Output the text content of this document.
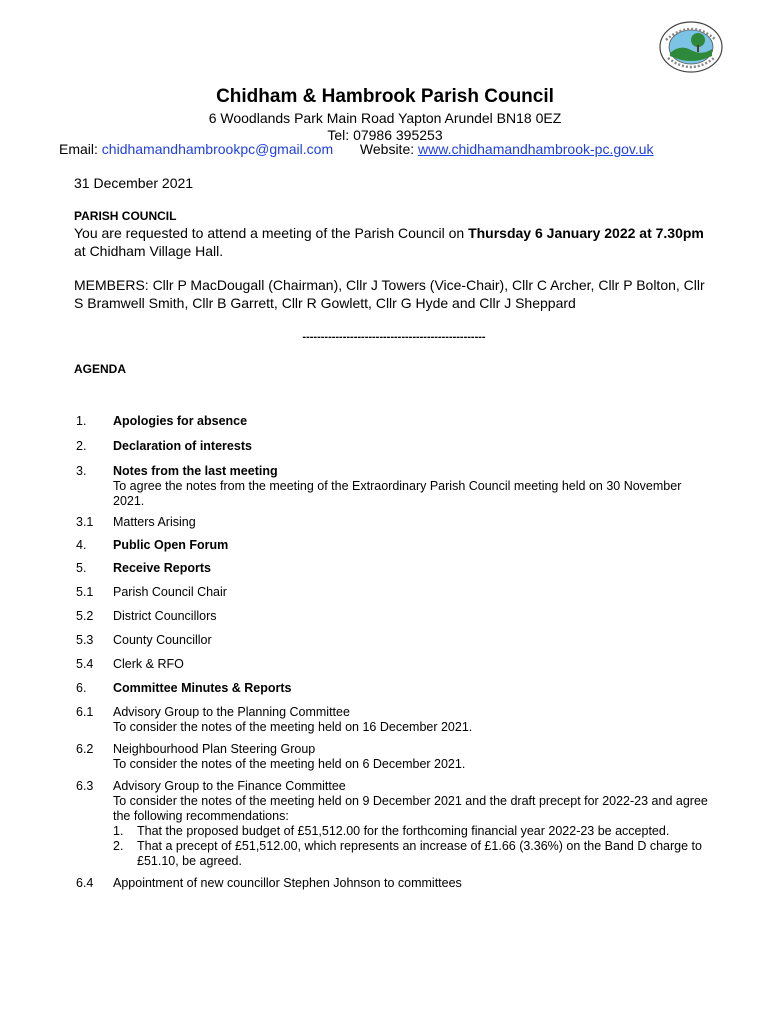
Chidham & Hambrook Parish Council
6 Woodlands Park Main Road Yapton Arundel BN18 0EZ
Tel: 07986 395253
Email: chidhamandhambrookpc@gmail.com Website: www.chidhamandhambrook-pc.gov.uk
31 December 2021
PARISH COUNCIL
You are requested to attend a meeting of the Parish Council on Thursday 6 January 2022 at 7.30pm at Chidham Village Hall.
MEMBERS: Cllr P MacDougall (Chairman), Cllr J Towers (Vice-Chair), Cllr C Archer, Cllr P Bolton, Cllr S Bramwell Smith, Cllr B Garrett, Cllr R Gowlett, Cllr G Hyde and Cllr J Sheppard
--------------------------------------------------
AGENDA
1.	Apologies for absence
2.	Declaration of interests
3.	Notes from the last meeting
To agree the notes from the meeting of the Extraordinary Parish Council meeting held on 30 November 2021.
3.1	Matters Arising
4.	Public Open Forum
5.	Receive Reports
5.1	Parish Council Chair
5.2	District Councillors
5.3	County Councillor
5.4	Clerk & RFO
6.	Committee Minutes & Reports
6.1	Advisory Group to the Planning Committee
To consider the notes of the meeting held on 16 December 2021.
6.2	Neighbourhood Plan Steering Group
To consider the notes of the meeting held on 6 December 2021.
6.3	Advisory Group to the Finance Committee
To consider the notes of the meeting held on 9 December 2021 and the draft precept for 2022-23 and agree the following recommendations:
1.	That the proposed budget of £51,512.00 for the forthcoming financial year 2022-23 be accepted.
2.	That a precept of £51,512.00, which represents an increase of £1.66 (3.36%) on the Band D charge to £51.10, be agreed.
6.4	Appointment of new councillor Stephen Johnson to committees
